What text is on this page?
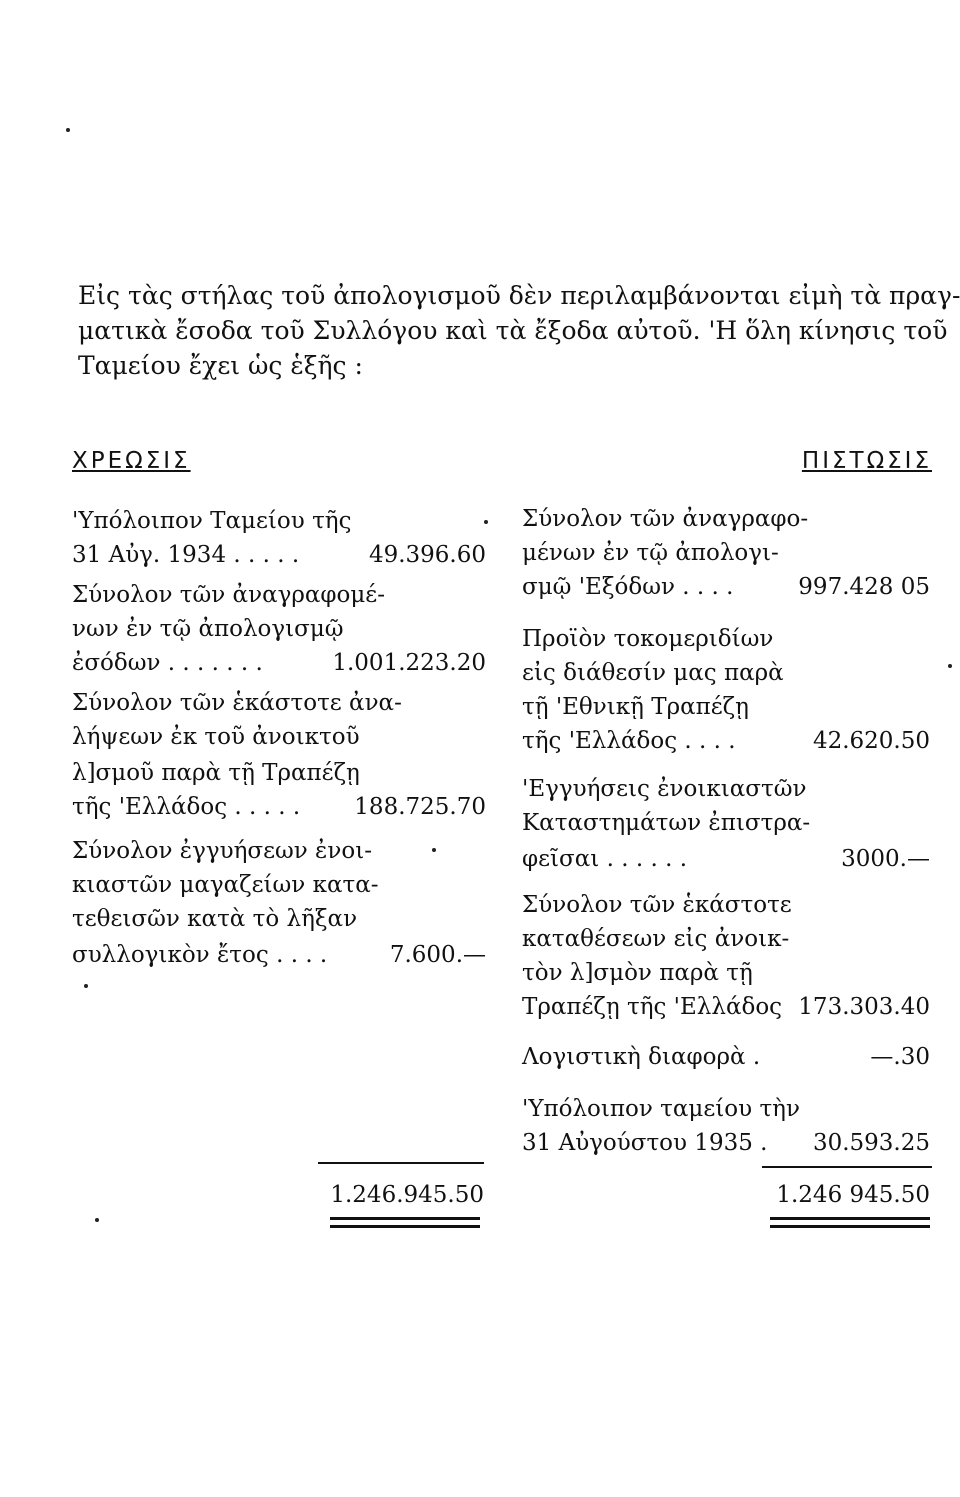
Εἰς τὰς στήλας τοῦ ἀπολογισμοῦ δὲν περιλαμβάνονται εἰμὴ τὰ πραγ-
ματικὰ ἔσοδα τοῦ Συλλόγου καὶ τὰ ἔξοδα αὐτοῦ. 'Η ὅλη κίνησις τοῦ
Ταμείου ἔχει ὡς ἑξῆς :
ΧΡΕΩΣΙΣ	ΠΙΣΤΩΣΙΣ
'Υπόλοιπον Ταμείου τῆς
31 Αὐγ. 1934 . . . . .	49.396.60
Σύνολον τῶν ἀναγραφομέ-
νων ἐν τῷ ἀπολογισμῷ
ἐσόδων . . . . . . .	1.001.223.20
Σύνολον τῶν ἑκάστοτε ἀνα-
λήψεων ἐκ τοῦ ἀνοικτοῦ
λ]σμοῦ παρὰ τῇ Τραπέζῃ
τῆς 'Ελλάδος . . . . . 188.725.70
Σύνολον ἐγγυήσεων ἐνοι-
κιαστῶν μαγαζείων κατα-
τεθεισῶν κατὰ τὸ λῆξαν
συλλογικὸν ἔτος . . . .	7.600.—
1.246.945.50
Σύνολον τῶν ἀναγραφο-
μένων ἐν τῷ ἀπολογι-
σμῷ 'Εξόδων . . . .	997.428 05
Προϊὸν τοκομεριδίων
εἰς διάθεσίν μας παρὰ
τῇ 'Εθνικῇ Τραπέζῃ
τῆς 'Ελλάδος . . . .	42.620.50
'Εγγυήσεις ἐνοικιαστῶν
Καταστημάτων ἐπιστρα-
φεῖσαι . . . . . .	3000.—
Σύνολον τῶν ἑκάστοτε
καταθέσεων εἰς ἀνοικ-
τὸν λ]σμὸν παρὰ τῇ
Τραπέζῃ τῆς 'Ελλάδος 173.303.40
Λογιστικὴ διαφορὰ .	—.30
'Υπόλοιπον ταμείου τὴν
31 Αὐγούστου 1935 . 30.593.25
1.246 945.50
